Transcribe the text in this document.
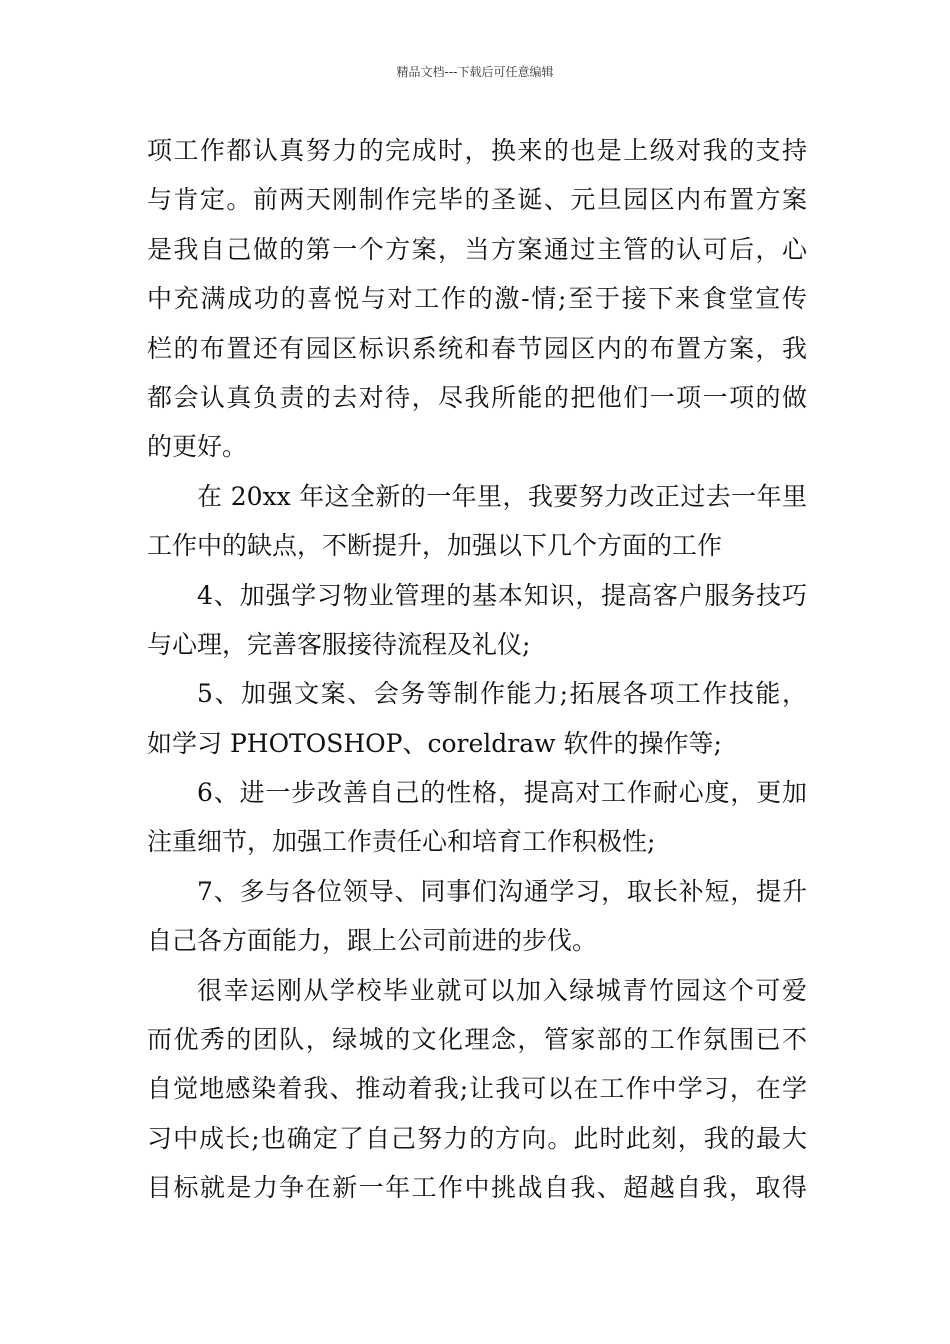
精品文档---下载后可任意编辑
项工作都认真努力的完成时，换来的也是上级对我的支持
与肯定。前两天刚制作完毕的圣诞、元旦园区内布置方案
是我自己做的第一个方案，当方案通过主管的认可后，心
中充满成功的喜悦与对工作的激-情;至于接下来食堂宣传
栏的布置还有园区标识系统和春节园区内的布置方案，我
都会认真负责的去对待，尽我所能的把他们一项一项的做
的更好。
在 20xx 年这全新的一年里，我要努力改正过去一年里
工作中的缺点，不断提升，加强以下几个方面的工作
4、加强学习物业管理的基本知识，提高客户服务技巧
与心理，完善客服接待流程及礼仪;
5、加强文案、会务等制作能力;拓展各项工作技能，
如学习 PHOTOSHOP、coreldraw 软件的操作等;
6、进一步改善自己的性格，提高对工作耐心度，更加
注重细节，加强工作责任心和培育工作积极性;
7、多与各位领导、同事们沟通学习，取长补短，提升
自己各方面能力，跟上公司前进的步伐。
很幸运刚从学校毕业就可以加入绿城青竹园这个可爱
而优秀的团队，绿城的文化理念，管家部的工作氛围已不
自觉地感染着我、推动着我;让我可以在工作中学习，在学
习中成长;也确定了自己努力的方向。此时此刻，我的最大
目标就是力争在新一年工作中挑战自我、超越自我，取得
